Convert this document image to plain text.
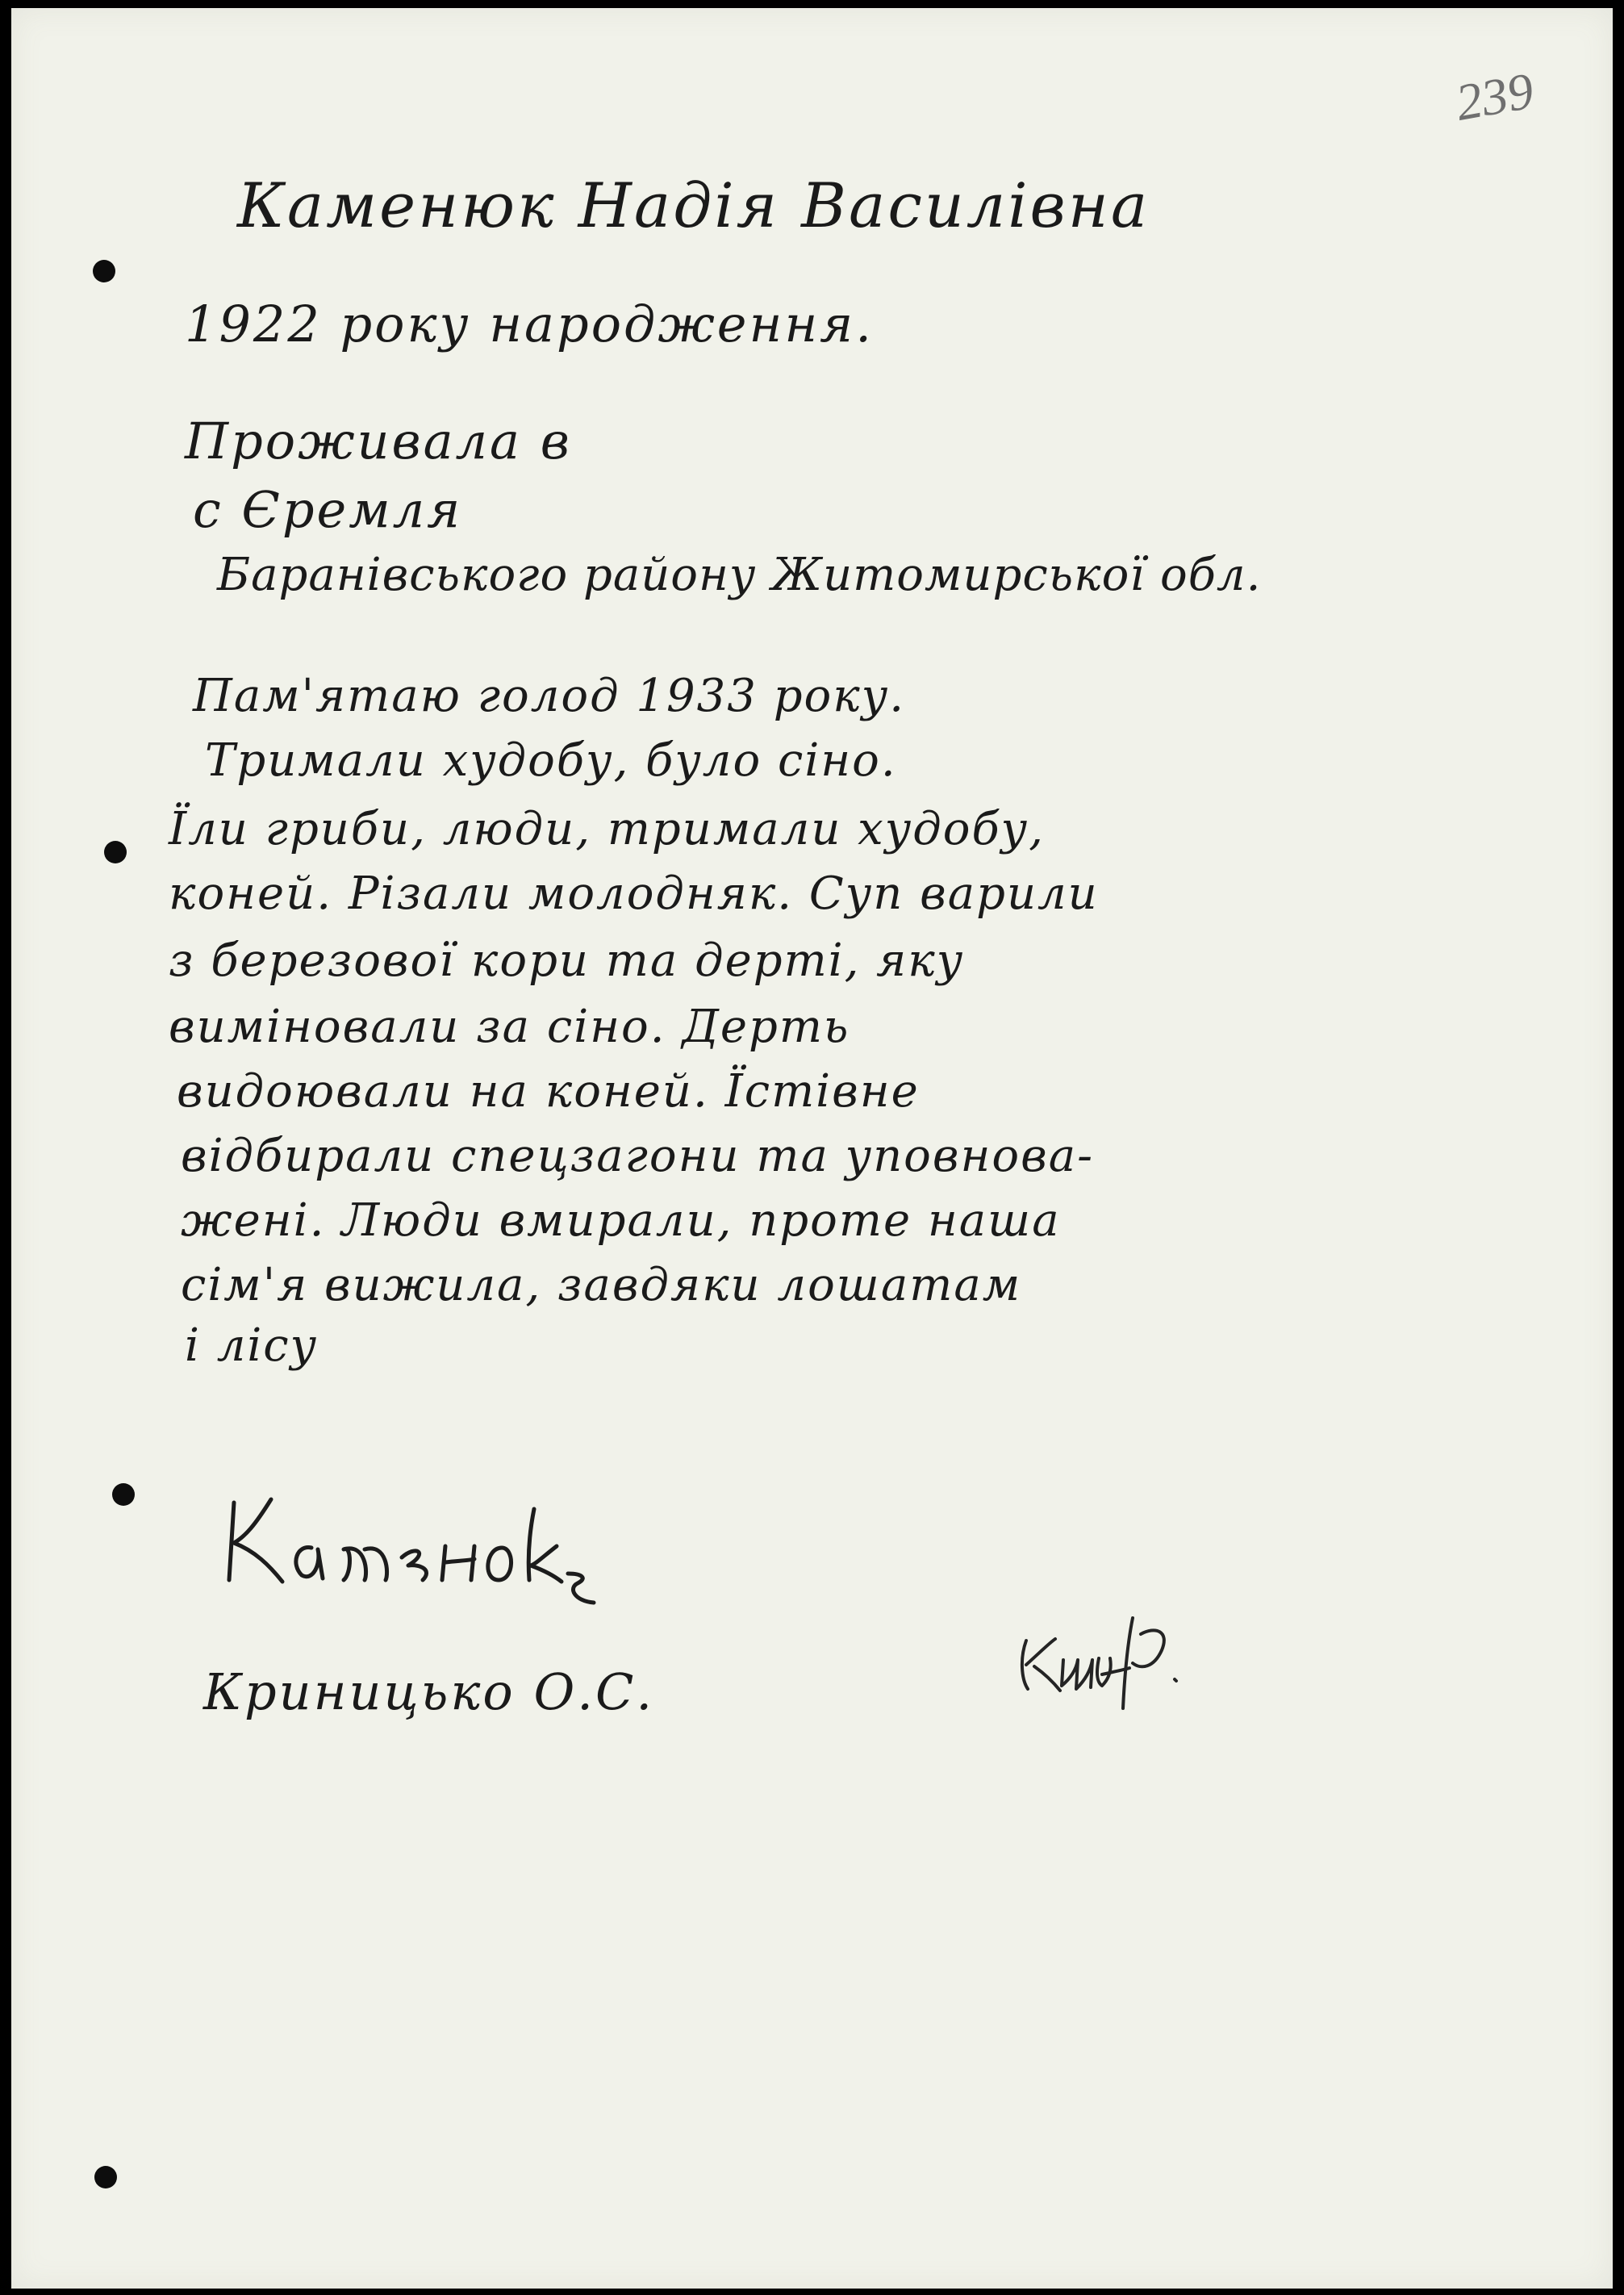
239
Каменюк Надія Василівна
1922 року народження.
Проживала в
с Єремля
Баранівського району Житомирської обл.
Пам'ятаю голод 1933 року.
Тримали худобу, було сіно.
Їли гриби, люди, тримали худобу,
коней. Різали молодняк. Суп варили
з березової кори та дерті, яку
виміновали за сіно. Дерть
видоювали на коней. Їстівне
відбирали спецзагони та уповнова-
жені. Люди вмирали, проте наша
сім'я вижила, завдяки лошатам
і лісу
Криницько О.С.
